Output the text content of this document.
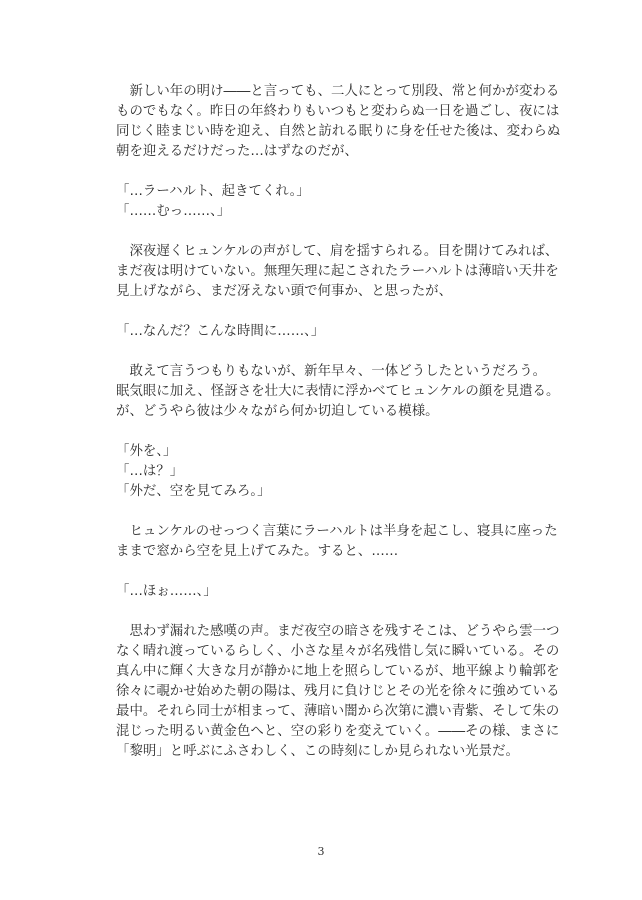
　新しい年の明け――と言っても、二人にとって別段、常と何かが変わる
ものでもなく。昨日の年終わりもいつもと変わらぬ一日を過ごし、夜には
同じく睦まじい時を迎え、自然と訪れる眠りに身を任せた後は、変わらぬ
朝を迎えるだけだった…はずなのだが、
「…ラーハルト、起きてくれ。」
「……むっ……、」
　深夜遅くヒュンケルの声がして、肩を揺すられる。目を開けてみれば、
まだ夜は明けていない。無理矢理に起こされたラーハルトは薄暗い天井を
見上げながら、まだ冴えない頭で何事か、と思ったが、
「…なんだ？こんな時間に……、」
　敢えて言うつもりもないが、新年早々、一体どうしたというだろう。
眠気眼に加え、怪訝さを壮大に表情に浮かべてヒュンケルの顔を見遣る。
が、どうやら彼は少々ながら何か切迫している模様。
「外を、」
「…は？」
「外だ、空を見てみろ。」
　ヒュンケルのせっつく言葉にラーハルトは半身を起こし、寝具に座った
ままで窓から空を見上げてみた。すると、……
「…ほぉ……、」
　思わず漏れた感嘆の声。まだ夜空の暗さを残すそこは、どうやら雲一つ
なく晴れ渡っているらしく、小さな星々が名残惜し気に瞬いている。その
真ん中に輝く大きな月が静かに地上を照らしているが、地平線より輪郭を
徐々に覗かせ始めた朝の陽は、残月に負けじとその光を徐々に強めている
最中。それら同士が相まって、薄暗い闇から次第に濃い青紫、そして朱の
混じった明るい黄金色へと、空の彩りを変えていく。――その様、まさに
「黎明」と呼ぶにふさわしく、この時刻にしか見られない光景だ。
3
